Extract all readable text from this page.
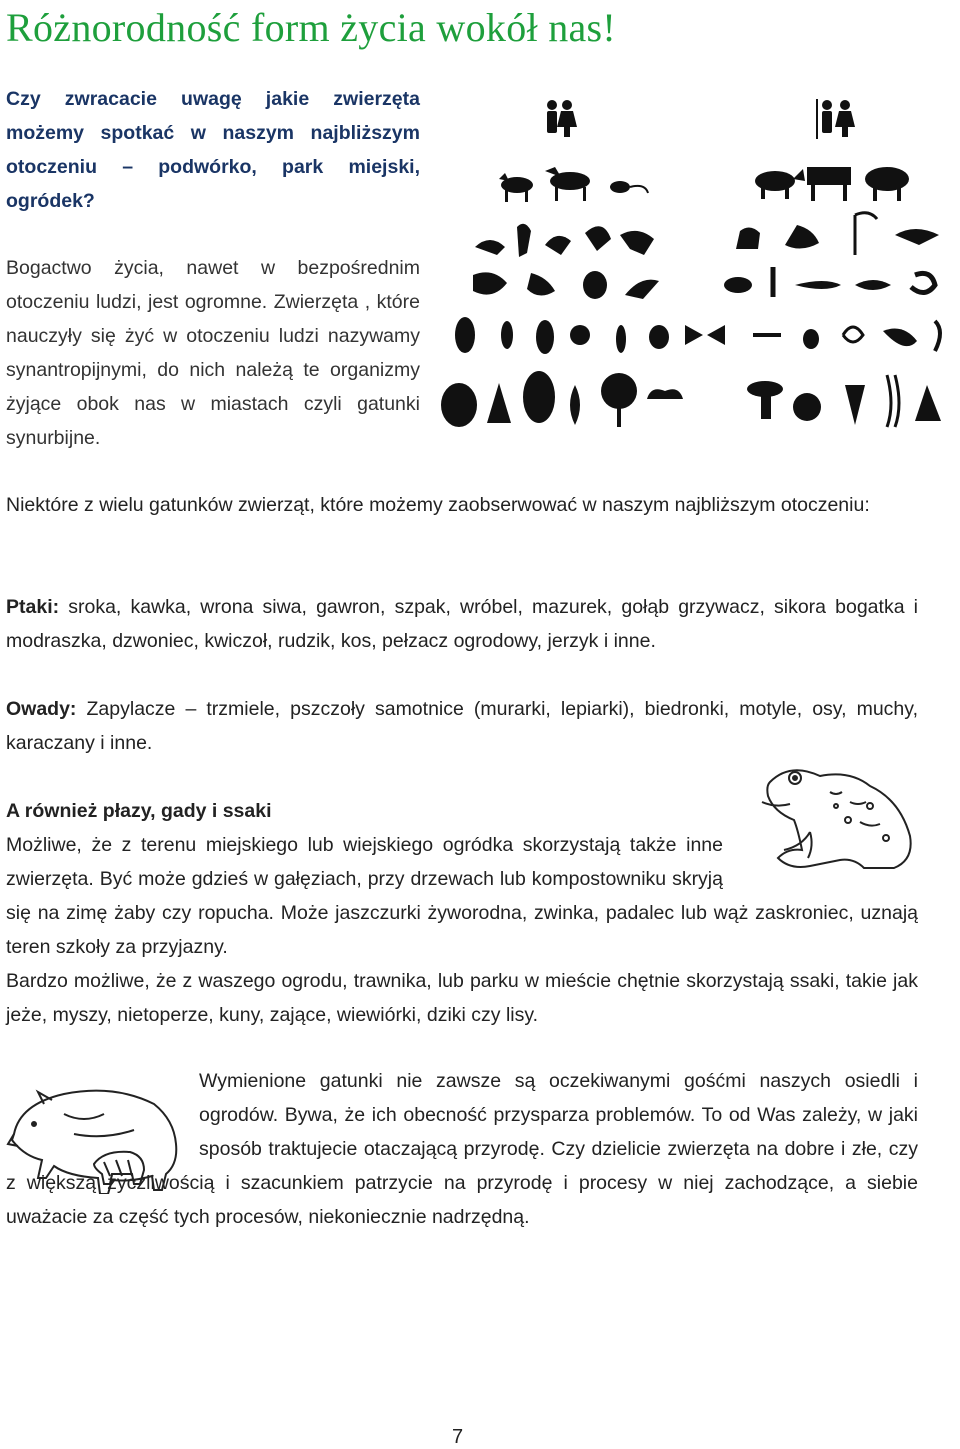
Różnorodność form życia wokół nas!

Czy zwracacie uwagę jakie zwierzęta możemy spotkać w naszym najbliższym otoczeniu – podwórko, park miejski, ogródek?

Bogactwo życia, nawet w bezpośrednim otoczeniu ludzi, jest ogromne. Zwierzęta , które nauczyły się żyć w otoczeniu ludzi nazywamy synantropijnymi, do nich należą te organizmy żyjące obok nas w miastach czyli gatunki synurbijne.

Niektóre z wielu gatunków zwierząt, które możemy zaobserwować w naszym najbliższym otoczeniu:

Ptaki: sroka, kawka, wrona siwa, gawron, szpak, wróbel, mazurek, gołąb grzywacz, sikora bogatka i modraszka, dzwoniec, kwiczoł, rudzik, kos, pełzacz ogrodowy, jerzyk i inne.

Owady: Zapylacze – trzmiele, pszczoły samotnice (murarki, lepiarki), biedronki, motyle, osy, muchy, karaczany i inne.

A również płazy, gady i ssaki

Możliwe, że z terenu miejskiego lub wiejskiego ogródka skorzystają także inne zwierzęta. Być może gdzieś w gałęziach, przy drzewach lub kompostowniku skryją się na zimę żaby czy ropucha. Może jaszczurki żyworodna, zwinka, padalec lub wąż zaskroniec, uznają teren szkoły za przyjazny.

Bardzo możliwe, że z waszego ogrodu, trawnika, lub parku w mieście chętnie skorzystają ssaki, takie jak jeże, myszy, nietoperze, kuny, zające, wiewiórki, dziki czy lisy.

Wymienione gatunki nie zawsze są oczekiwanymi gośćmi naszych osiedli i ogrodów. Bywa, że ich obecność przysparza problemów. To od Was zależy, w jaki sposób traktujecie otaczającą przyrodę. Czy dzielicie zwierzęta na dobre i złe, czy z większą życzliwością i szacunkiem patrzycie na przyrodę i procesy w niej zachodzące, a siebie uważacie za część tych procesów, niekoniecznie nadrzędną.

7
